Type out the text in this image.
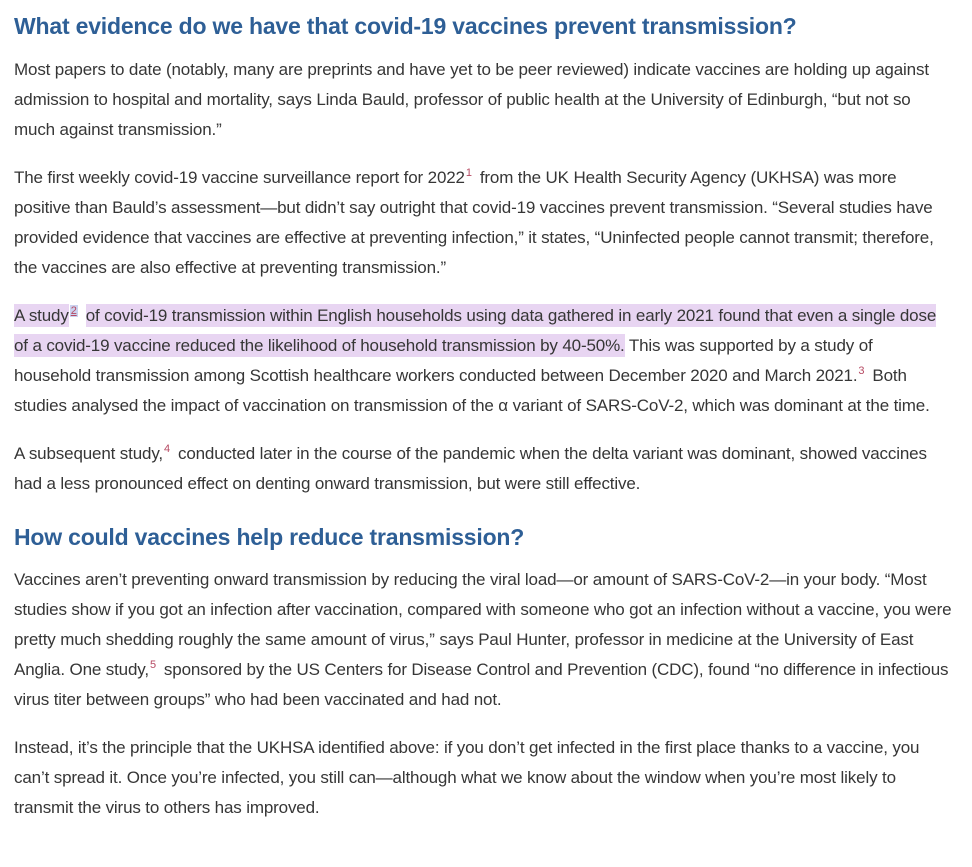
What evidence do we have that covid-19 vaccines prevent transmission?

Most papers to date (notably, many are preprints and have yet to be peer reviewed) indicate vaccines are holding up against admission to hospital and mortality, says Linda Bauld, professor of public health at the University of Edinburgh, “but not so much against transmission.”

The first weekly covid-19 vaccine surveillance report for 2022$^1$ from the UK Health Security Agency (UKHSA) was more positive than Bauld’s assessment—but didn’t say outright that covid-19 vaccines prevent transmission. “Several studies have provided evidence that vaccines are effective at preventing infection,” it states, “Uninfected people cannot transmit; therefore, the vaccines are also effective at preventing transmission.”

A study $^2$ of covid-19 transmission within English households using data gathered in early 2021 found that even a single dose of a covid-19 vaccine reduced the likelihood of household transmission by 40-50%. This was supported by a study of household transmission among Scottish healthcare workers conducted between December 2020 and March 2021.$^3$ Both studies analysed the impact of vaccination on transmission of the α variant of SARS-CoV-2, which was dominant at the time.

A subsequent study,$^4$ conducted later in the course of the pandemic when the delta variant was dominant, showed vaccines had a less pronounced effect on denting onward transmission, but were still effective.

How could vaccines help reduce transmission?

Vaccines aren’t preventing onward transmission by reducing the viral load—or amount of SARS-CoV-2—in your body. “Most studies show if you got an infection after vaccination, compared with someone who got an infection without a vaccine, you were pretty much shedding roughly the same amount of virus,” says Paul Hunter, professor in medicine at the University of East Anglia. One study,$^5$ sponsored by the US Centers for Disease Control and Prevention (CDC), found “no difference in infectious virus titer between groups” who had been vaccinated and had not.

Instead, it’s the principle that the UKHSA identified above: if you don’t get infected in the first place thanks to a vaccine, you can’t spread it. Once you’re infected, you still can—although what we know about the window when you’re most likely to transmit the virus to others has improved.
